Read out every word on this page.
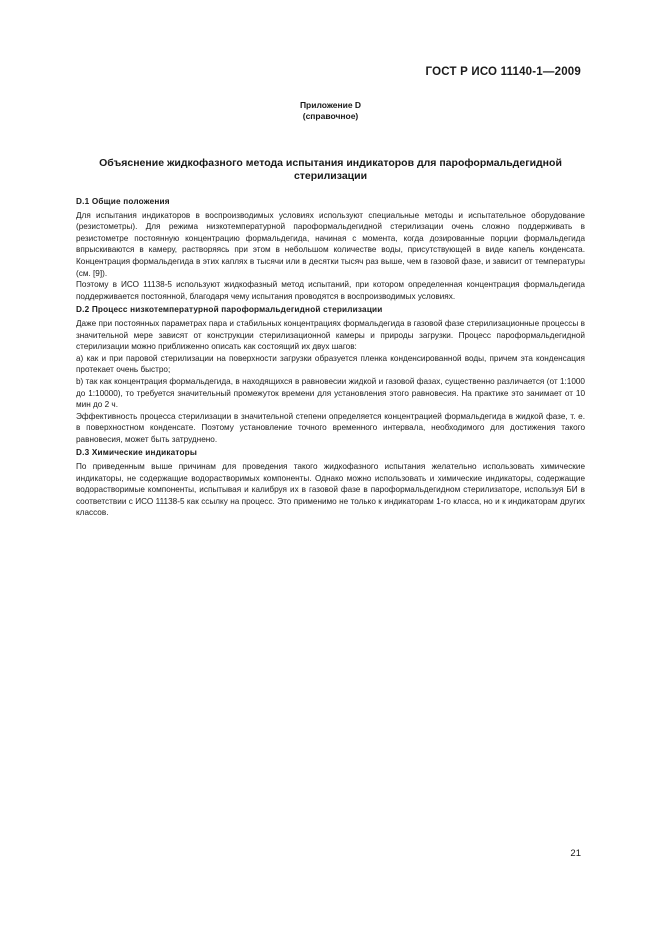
ГОСТ Р ИСО 11140-1—2009
Приложение D
(справочное)
Объяснение жидкофазного метода испытания индикаторов для пароформальдегидной стерилизации
D.1 Общие положения

Для испытания индикаторов в воспроизводимых условиях используют специальные методы и испытательное оборудование (резистометры). Для режима низкотемпературной пароформальдегидной стерилизации очень сложно поддерживать в резистометре постоянную концентрацию формальдегида, начиная с момента, когда дозированные порции формальдегида впрыскиваются в камеру, растворяясь при этом в небольшом количестве воды, присутствующей в виде капель конденсата. Концентрация формальдегида в этих каплях в тысячи или в десятки тысяч раз выше, чем в газовой фазе, и зависит от температуры (см. [9]).

Поэтому в ИСО 11138-5 используют жидкофазный метод испытаний, при котором определенная концентрация формальдегида поддерживается постоянной, благодаря чему испытания проводятся в воспроизводимых условиях.

D.2 Процесс низкотемпературной пароформальдегидной стерилизации

Даже при постоянных параметрах пара и стабильных концентрациях формальдегида в газовой фазе стерилизационные процессы в значительной мере зависят от конструкции стерилизационной камеры и природы загрузки. Процесс пароформальдегидной стерилизации можно приближенно описать как состоящий их двух шагов:

a) как и при паровой стерилизации на поверхности загрузки образуется пленка конденсированной воды, причем эта конденсация протекает очень быстро;

b) так как концентрация формальдегида, в находящихся в равновесии жидкой и газовой фазах, существенно различается (от 1:1000 до 1:10000), то требуется значительный промежуток времени для установления этого равновесия. На практике это занимает от 10 мин до 2 ч.

Эффективность процесса стерилизации в значительной степени определяется концентрацией формальдегида в жидкой фазе, т. е. в поверхностном конденсате. Поэтому установление точного временного интервала, необходимого для достижения такого равновесия, может быть затруднено.

D.3 Химические индикаторы

По приведенным выше причинам для проведения такого жидкофазного испытания желательно использовать химические индикаторы, не содержащие водорастворимых компоненты. Однако можно использовать и химические индикаторы, содержащие водорастворимые компоненты, испытывая и калибруя их в газовой фазе в пароформальдегидном стерилизаторе, используя БИ в соответствии с ИСО 11138-5 как ссылку на процесс. Это применимо не только к индикаторам 1-го класса, но и к индикаторам других классов.

21
